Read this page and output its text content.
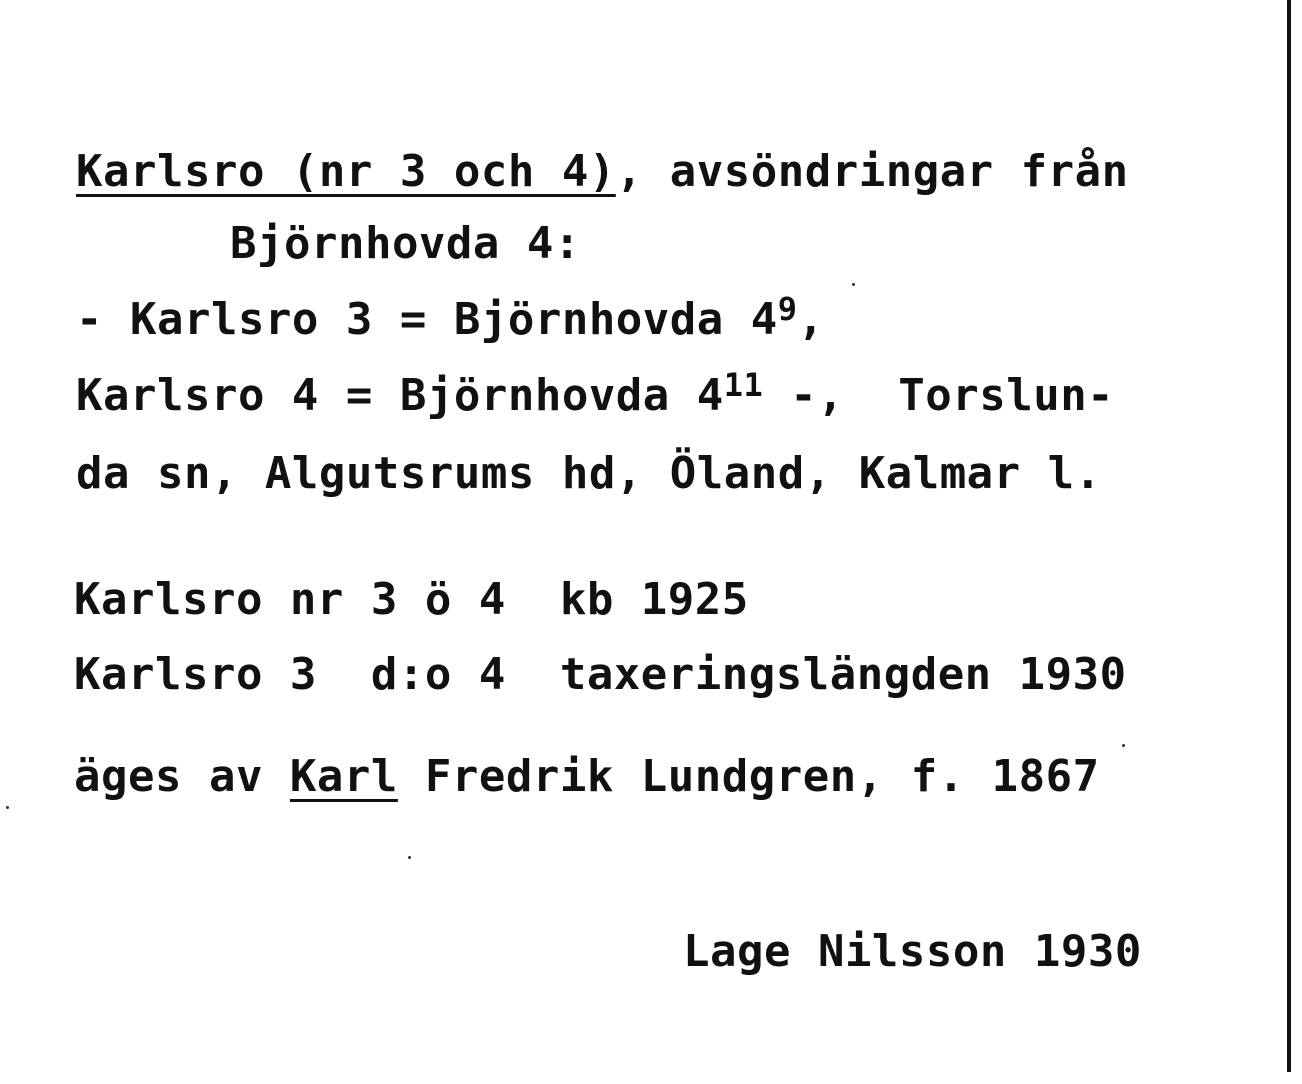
Karlsro (nr 3 och 4), avsöndringar från
Björnhovda 4:
- Karlsro 3 = Björnhovda $4^9$,
Karlsro 4 = Björnhovda $4^{11}$ -,  Torslun-
da sn, Algutsrums hd, Öland, Kalmar l.
Karlsro nr 3 ö 4  kb 1925
Karlsro 3  d:o 4  taxeringslängden 1930
äges av Karl Fredrik Lundgren, f. 1867
Lage Nilsson 1930
